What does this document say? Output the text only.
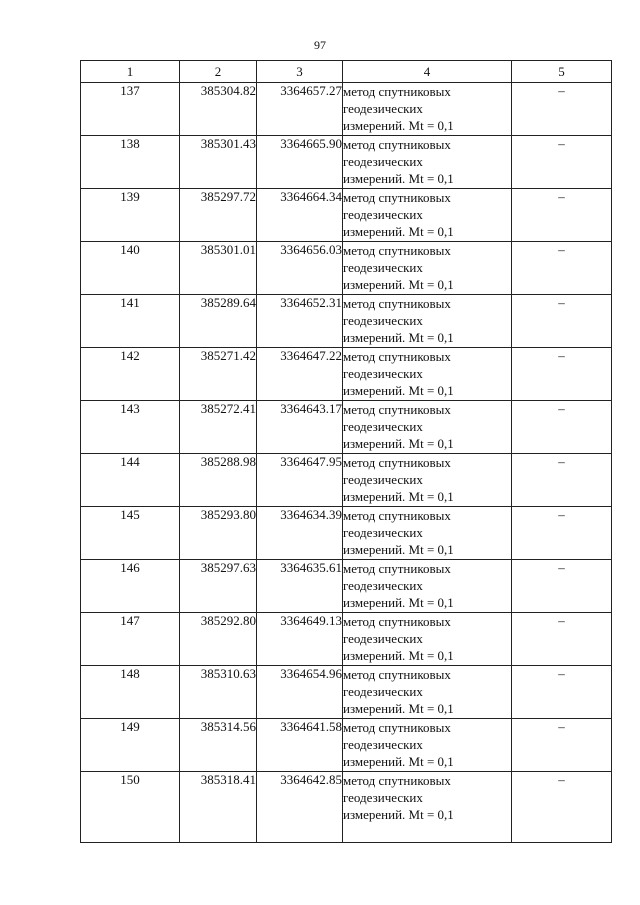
97
1	2	3	4	5
137	385304.82	3364657.27	метод спутниковых
геодезических
измерений. Mt = 0,1	–
138	385301.43	3364665.90	метод спутниковых
геодезических
измерений. Mt = 0,1	–
139	385297.72	3364664.34	метод спутниковых
геодезических
измерений. Mt = 0,1	–
140	385301.01	3364656.03	метод спутниковых
геодезических
измерений. Mt = 0,1	–
141	385289.64	3364652.31	метод спутниковых
геодезических
измерений. Mt = 0,1	–
142	385271.42	3364647.22	метод спутниковых
геодезических
измерений. Mt = 0,1	–
143	385272.41	3364643.17	метод спутниковых
геодезических
измерений. Mt = 0,1	–
144	385288.98	3364647.95	метод спутниковых
геодезических
измерений. Mt = 0,1	–
145	385293.80	3364634.39	метод спутниковых
геодезических
измерений. Mt = 0,1	–
146	385297.63	3364635.61	метод спутниковых
геодезических
измерений. Mt = 0,1	–
147	385292.80	3364649.13	метод спутниковых
геодезических
измерений. Mt = 0,1	–
148	385310.63	3364654.96	метод спутниковых
геодезических
измерений. Mt = 0,1	–
149	385314.56	3364641.58	метод спутниковых
геодезических
измерений. Mt = 0,1	–
150	385318.41	3364642.85	метод спутниковых
геодезических
измерений. Mt = 0,1	–
